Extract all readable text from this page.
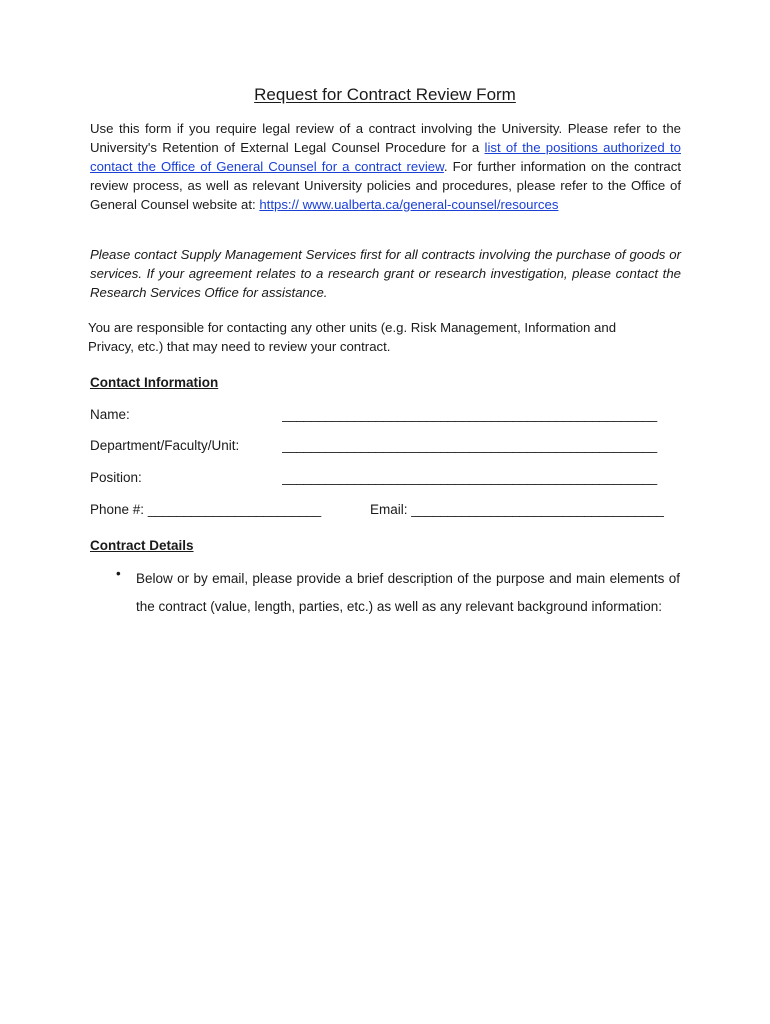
Request for Contract Review Form

Use this form if you require legal review of a contract involving the University. Please refer to the University's Retention of External Legal Counsel Procedure for a list of the positions authorized to contact the Office of General Counsel for a contract review. For further information on the contract review process, as well as relevant University policies and procedures, please refer to the Office of General Counsel website at: https:// www.ualberta.ca/general-counsel/resources

Please contact Supply Management Services first for all contracts involving the purchase of goods or services. If your agreement relates to a research grant or research investigation, please contact the Research Services Office for assistance.

You are responsible for contacting any other units (e.g. Risk Management, Information and Privacy, etc.) that may need to review your contract.

Contact Information
Name:	____________________________________________________
Department/Faculty/Unit:	____________________________________________________
Position:	____________________________________________________
Phone #: ________________________	Email: ___________________________________
Contract Details
• Below or by email, please provide a brief description of the purpose and main elements of the contract (value, length, parties, etc.) as well as any relevant background information:
